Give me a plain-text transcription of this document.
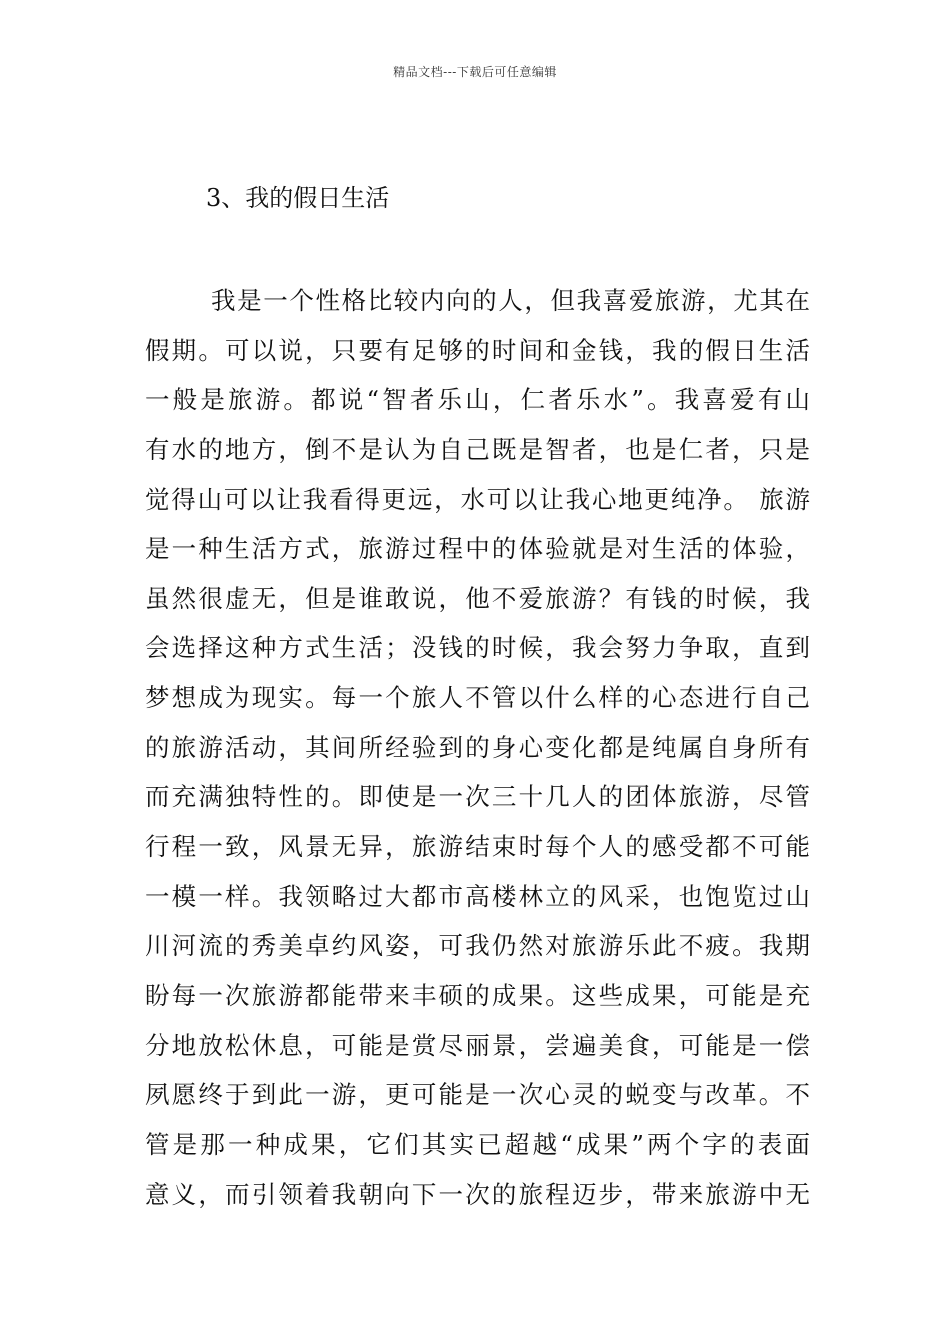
精品文档---下载后可任意编辑
3、我的假日生活
我是一个性格比较内向的人，但我喜爱旅游，尤其在
假期。可以说，只要有足够的时间和金钱，我的假日生活
一般是旅游。都说“智者乐山，仁者乐水”。我喜爱有山
有水的地方，倒不是认为自己既是智者，也是仁者，只是
觉得山可以让我看得更远，水可以让我心地更纯净。 旅游
是一种生活方式，旅游过程中的体验就是对生活的体验，
虽然很虚无，但是谁敢说，他不爱旅游？有钱的时候，我
会选择这种方式生活；没钱的时候，我会努力争取，直到
梦想成为现实。每一个旅人不管以什么样的心态进行自己
的旅游活动，其间所经验到的身心变化都是纯属自身所有
而充满独特性的。即使是一次三十几人的团体旅游，尽管
行程一致，风景无异，旅游结束时每个人的感受都不可能
一模一样。我领略过大都市高楼林立的风采，也饱览过山
川河流的秀美卓约风姿，可我仍然对旅游乐此不疲。我期
盼每一次旅游都能带来丰硕的成果。这些成果，可能是充
分地放松休息，可能是赏尽丽景，尝遍美食，可能是一偿
夙愿终于到此一游，更可能是一次心灵的蜕变与改革。不
管是那一种成果，它们其实已超越“成果”两个字的表面
意义，而引领着我朝向下一次的旅程迈步，带来旅游中无
